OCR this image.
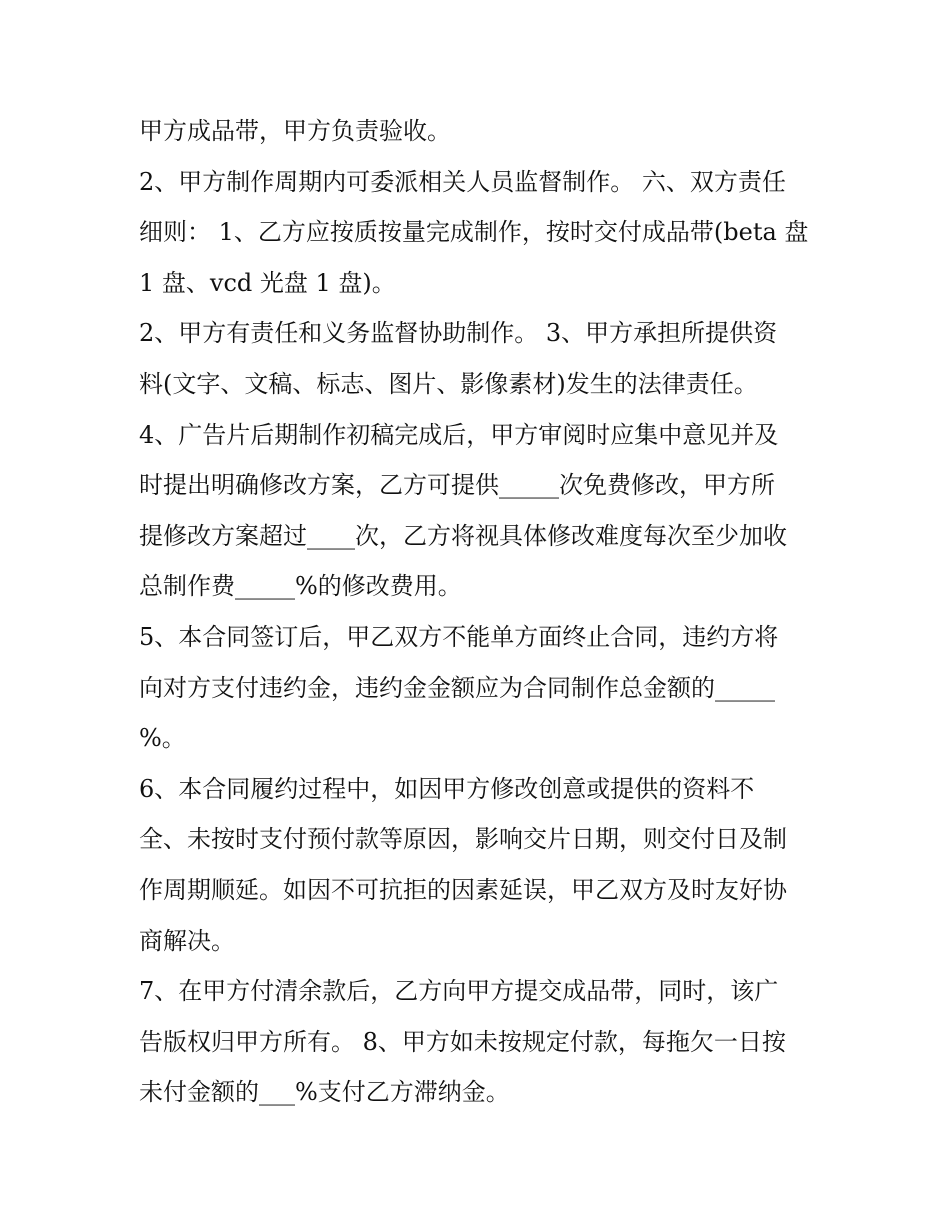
甲方成品带，甲方负责验收。
2、甲方制作周期内可委派相关人员监督制作。 六、双方责任
细则： 1、乙方应按质按量完成制作，按时交付成品带(beta 盘
1 盘、vcd 光盘 1 盘)。
2、甲方有责任和义务监督协助制作。 3、甲方承担所提供资
料(文字、文稿、标志、图片、影像素材)发生的法律责任。
4、广告片后期制作初稿完成后，甲方审阅时应集中意见并及
时提出明确修改方案，乙方可提供_____次免费修改，甲方所
提修改方案超过____次，乙方将视具体修改难度每次至少加收
总制作费_____%的修改费用。
5、本合同签订后，甲乙双方不能单方面终止合同，违约方将
向对方支付违约金，违约金金额应为合同制作总金额的_____
%。
6、本合同履约过程中，如因甲方修改创意或提供的资料不
全、未按时支付预付款等原因，影响交片日期，则交付日及制
作周期顺延。如因不可抗拒的因素延误，甲乙双方及时友好协
商解决。
7、在甲方付清余款后，乙方向甲方提交成品带，同时，该广
告版权归甲方所有。 8、甲方如未按规定付款，每拖欠一日按
未付金额的___%支付乙方滞纳金。
